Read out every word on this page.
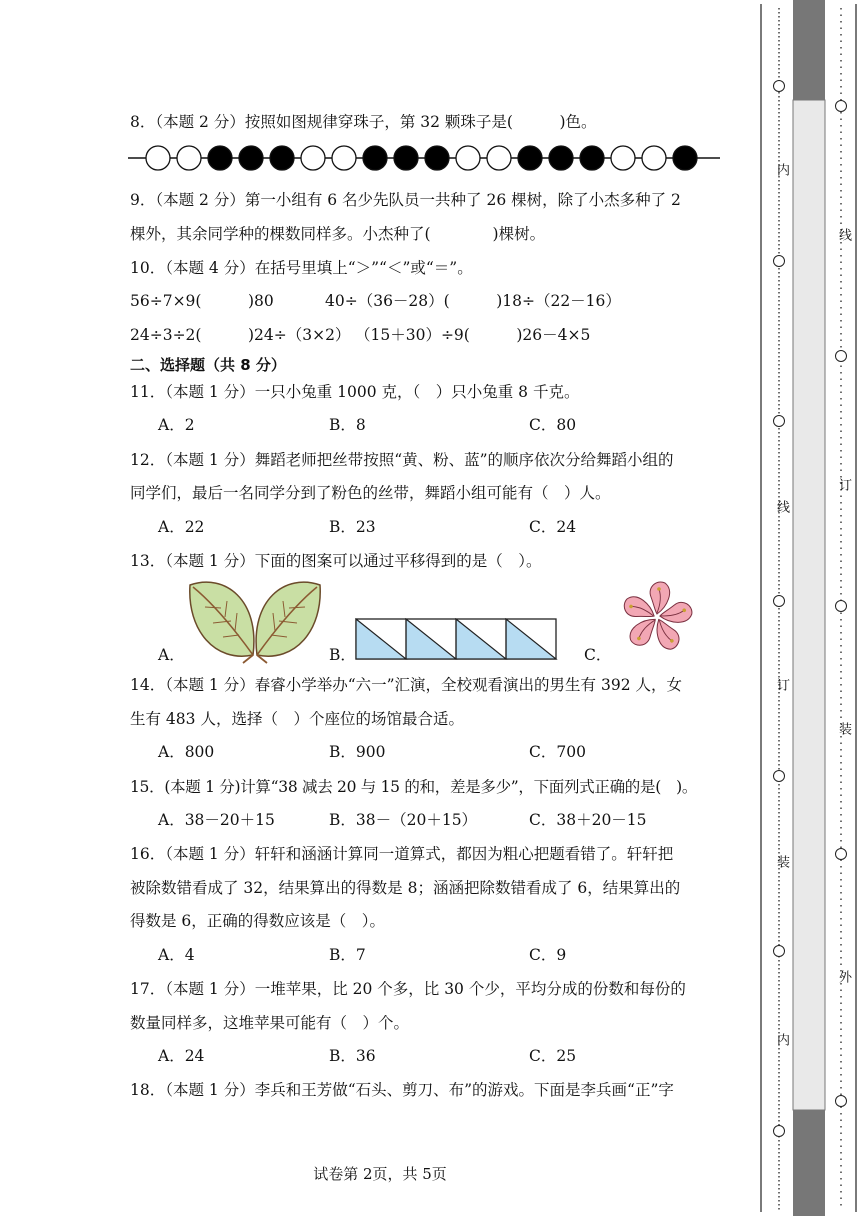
8．（本题 2 分）按照如图规律穿珠子，第 32 颗珠子是(　　　)色。
9．（本题 2 分）第一小组有 6 名少先队员一共种了 26 棵树，除了小杰多种了 2
棵外，其余同学种的棵数同样多。小杰种了(　　　　)棵树。
10．（本题 4 分）在括号里填上“＞”“＜”或“＝”。
56÷7×9(　　　)80	40÷（36－28）(　　　)18÷（22－16）
24÷3÷2(　　　)24÷（3×2） （15＋30）÷9(　　　)26－4×5
二、选择题（共 8 分）
11．（本题 1 分）一只小兔重 1000 克，（　）只小兔重 8 千克。
A．2	B．8	C．80
12．（本题 1 分）舞蹈老师把丝带按照“黄、粉、蓝”的顺序依次分给舞蹈小组的
同学们，最后一名同学分到了粉色的丝带，舞蹈小组可能有（　）人。
A．22	B．23	C．24
13．（本题 1 分）下面的图案可以通过平移得到的是（　）。
A．	B．	C．
14．（本题 1 分）春睿小学举办“六一”汇演，全校观看演出的男生有 392 人，女
生有 483 人，选择（　）个座位的场馆最合适。
A．800	B．900	C．700
15．(本题 1 分)计算“38 减去 20 与 15 的和，差是多少”，下面列式正确的是(　)。
A．38－20＋15	B．38－（20＋15）	C．38＋20－15
16．（本题 1 分）轩轩和涵涵计算同一道算式，都因为粗心把题看错了。轩轩把
被除数错看成了 32，结果算出的得数是 8；涵涵把除数错看成了 6，结果算出的
得数是 6，正确的得数应该是（　）。
A．4	B．7	C．9
17．（本题 1 分）一堆苹果，比 20 个多，比 30 个少，平均分成的份数和每份的
数量同样多，这堆苹果可能有（　）个。
A．24	B．36	C．25
18．（本题 1 分）李兵和王芳做“石头、剪刀、布”的游戏。下面是李兵画“正”字
试卷第 2页，共 5页
内
线
订
装
内
线
订
装
外
